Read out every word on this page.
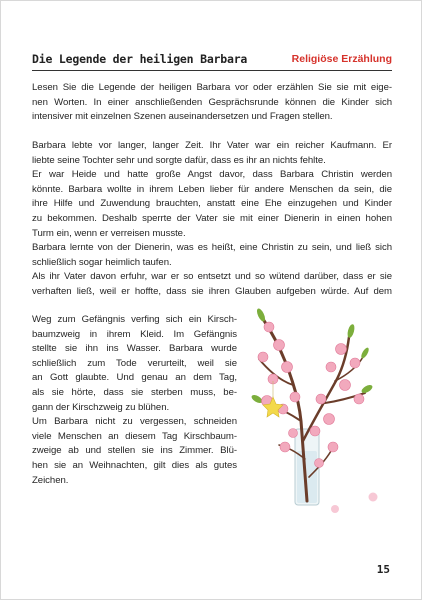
Die Legende der heiligen Barbara	Religiöse Erzählung
Lesen Sie die Legende der heiligen Barbara vor oder erzählen Sie sie mit eige-
nen Worten. In einer anschließenden Gesprächsrunde können die Kinder sich
intensiver mit einzelnen Szenen auseinandersetzen und Fragen stellen.
Barbara lebte vor langer, langer Zeit. Ihr Vater war ein reicher Kaufmann. Er
liebte seine Tochter sehr und sorgte dafür, dass es ihr an nichts fehlte.
Er war Heide und hatte große Angst davor, dass Barbara Christin werden
könnte. Barbara wollte in ihrem Leben lieber für andere Menschen da sein, die
ihre Hilfe und Zuwendung brauchten, anstatt eine Ehe einzugehen und Kinder
zu bekommen. Deshalb sperrte der Vater sie mit einer Dienerin in einen hohen
Turm ein, wenn er verreisen musste.
Barbara lernte von der Dienerin, was es heißt, eine Christin zu sein, und ließ sich
schließlich sogar heimlich taufen.
Als ihr Vater davon erfuhr, war er so entsetzt und so wütend darüber, dass er sie
verhaften ließ, weil er hoffte, dass sie ihren Glauben aufgeben würde. Auf dem
Weg zum Gefängnis verfing sich ein Kirsch-
baumzweig in ihrem Kleid. Im Gefängnis
stellte sie ihn ins Wasser. Barbara wurde
schließlich zum Tode verurteilt, weil sie
an Gott glaubte. Und genau an dem Tag,
als sie hörte, dass sie sterben muss, be-
gann der Kirschzweig zu blühen.
Um Barbara nicht zu vergessen, schneiden
viele Menschen an diesem Tag Kirschbaum-
zweige ab und stellen sie ins Zimmer. Blü-
hen sie an Weihnachten, gilt dies als gutes
Zeichen.
15
